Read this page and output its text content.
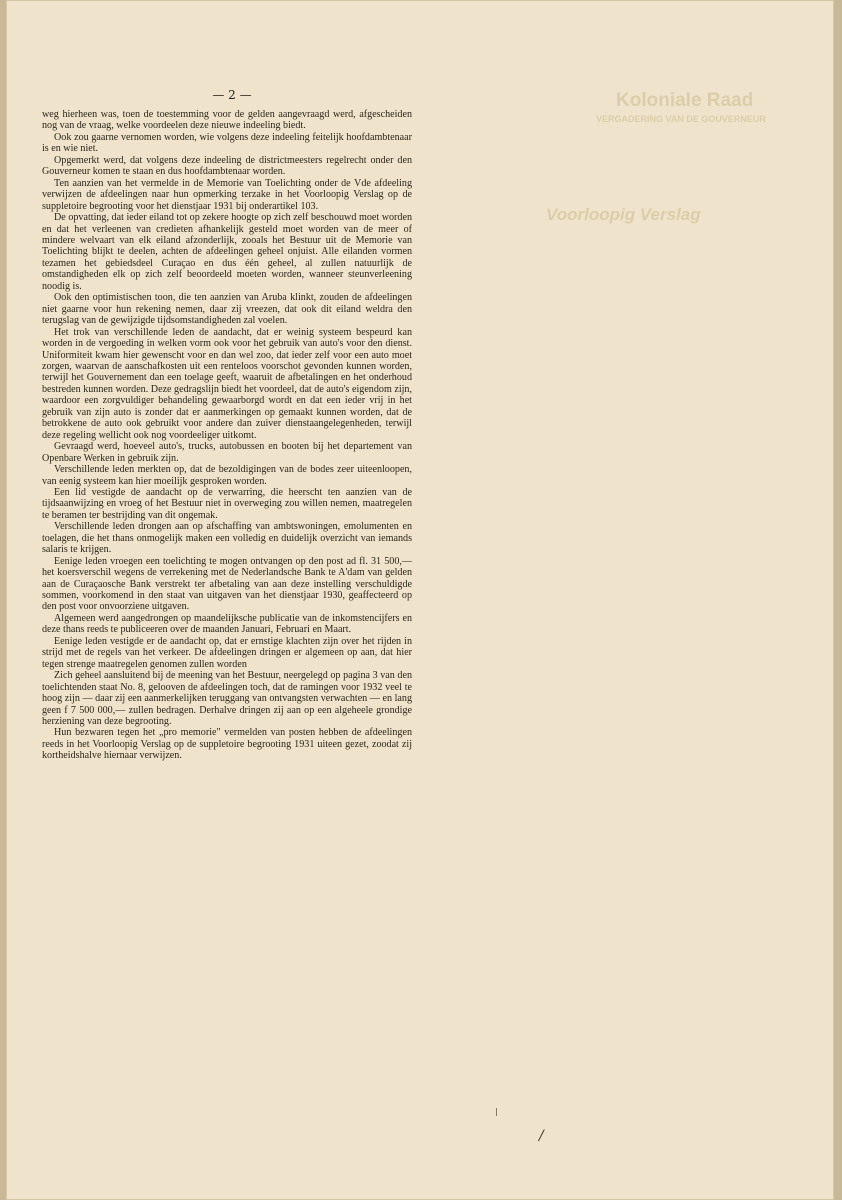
Koloniale Raad
VERGADERING VAN DE GOUVERNEUR
Voorloopig Verslag
— 2 —

weg hierheen was, toen de toestemming voor de gelden aangevraagd werd, afgescheiden nog van de vraag, welke voordeelen deze nieuwe indeeling biedt.

Ook zou gaarne vernomen worden, wie volgens deze indeeling feitelijk hoofdambtenaar is en wie niet.

Opgemerkt werd, dat volgens deze indeeling de districtmeesters regelrecht onder den Gouverneur komen te staan en dus hoofdambtenaar worden.

Ten aanzien van het vermelde in de Memorie van Toelichting onder de Vde afdeeling verwijzen de afdeelingen naar hun opmerking terzake in het Voorloopig Verslag op de suppletoire begrooting voor het dienstjaar 1931 bij onderartikel 103.

De opvatting, dat ieder eiland tot op zekere hoogte op zich zelf beschouwd moet worden en dat het verleenen van credieten afhankelijk gesteld moet worden van de meer of mindere welvaart van elk eiland afzonderlijk, zooals het Bestuur uit de Memorie van Toelichting blijkt te deelen, achten de afdeelingen geheel onjuist. Alle eilanden vormen tezamen het gebiedsdeel Curaçao en dus één geheel, al zullen natuurlijk de omstandigheden elk op zich zelf beoordeeld moeten worden, wanneer steunverleening noodig is.

Ook den optimistischen toon, die ten aanzien van Aruba klinkt, zouden de afdeelingen niet gaarne voor hun rekening nemen, daar zij vreezen, dat ook dit eiland weldra den terugslag van de gewijzigde tijdsomstandigheden zal voelen.

Het trok van verschillende leden de aandacht, dat er weinig systeem bespeurd kan worden in de vergoeding in welken vorm ook voor het gebruik van auto's voor den dienst. Uniformiteit kwam hier gewenscht voor en dan wel zoo, dat ieder zelf voor een auto moet zorgen, waarvan de aanschafkosten uit een renteloos voorschot gevonden kunnen worden, terwijl het Gouvernement dan een toelage geeft, waaruit de afbetalingen en het onderhoud bestreden kunnen worden. Deze gedragslijn biedt het voordeel, dat de auto's eigendom zijn, waardoor een zorgvuldiger behandeling gewaarborgd wordt en dat een ieder vrij in het gebruik van zijn auto is zonder dat er aanmerkingen op gemaakt kunnen worden, dat de betrokkene de auto ook gebruikt voor andere dan zuiver dienstaangelegenheden, terwijl deze regeling wellicht ook nog voordeeliger uitkomt.

Gevraagd werd, hoeveel auto's, trucks, autobussen en booten bij het departement van Openbare Werken in gebruik zijn.

Verschillende leden merkten op, dat de bezoldigingen van de bodes zeer uiteenloopen, van eenig systeem kan hier moeilijk gesproken worden.

Een lid vestigde de aandacht op de verwarring, die heerscht ten aanzien van de tijdsaanwijzing en vroeg of het Bestuur niet in overweging zou willen nemen, maatregelen te beramen ter bestrijding van dit ongemak.

Verschillende leden drongen aan op afschaffing van ambtswoningen, emolumenten en toelagen, die het thans onmogelijk maken een volledig en duidelijk overzicht van iemands salaris te krijgen.

Eenige leden vroegen een toelichting te mogen ontvangen op den post ad fl. 31 500,— het koersverschil wegens de verrekening met de Nederlandsche Bank te A'dam van gelden aan de Curaçaosche Bank verstrekt ter afbetaling van aan deze instelling verschuldigde sommen, voorkomend in den staat van uitgaven van het dienstjaar 1930, geaffecteerd op den post voor onvoorziene uitgaven.

Algemeen werd aangedrongen op maandelijksche publicatie van de inkomstencijfers en deze thans reeds te publiceeren over de maanden Januari, Februari en Maart.

Eenige leden vestigde er de aandacht op, dat er ernstige klachten zijn over het rijden in strijd met de regels van het verkeer. De afdeelingen dringen er algemeen op aan, dat hier tegen strenge maatregelen genomen zullen worden

Zich geheel aansluitend bij de meening van het Bestuur, neergelegd op pagina 3 van den toelichtenden staat No. 8, gelooven de afdeelingen toch, dat de ramingen voor 1932 veel te hoog zijn — daar zij een aanmerkelijken teruggang van ontvangsten verwachten — en lang geen f 7 500 000,— zullen bedragen. Derhalve dringen zij aan op een algeheele grondige herziening van deze begrooting.

Hun bezwaren tegen het „pro memorie" vermelden van posten hebben de afdeelingen reeds in het Voorloopig Verslag op de suppletoire begrooting 1931 uiteen gezet, zoodat zij kortheidshalve hiernaar verwijzen.

/
